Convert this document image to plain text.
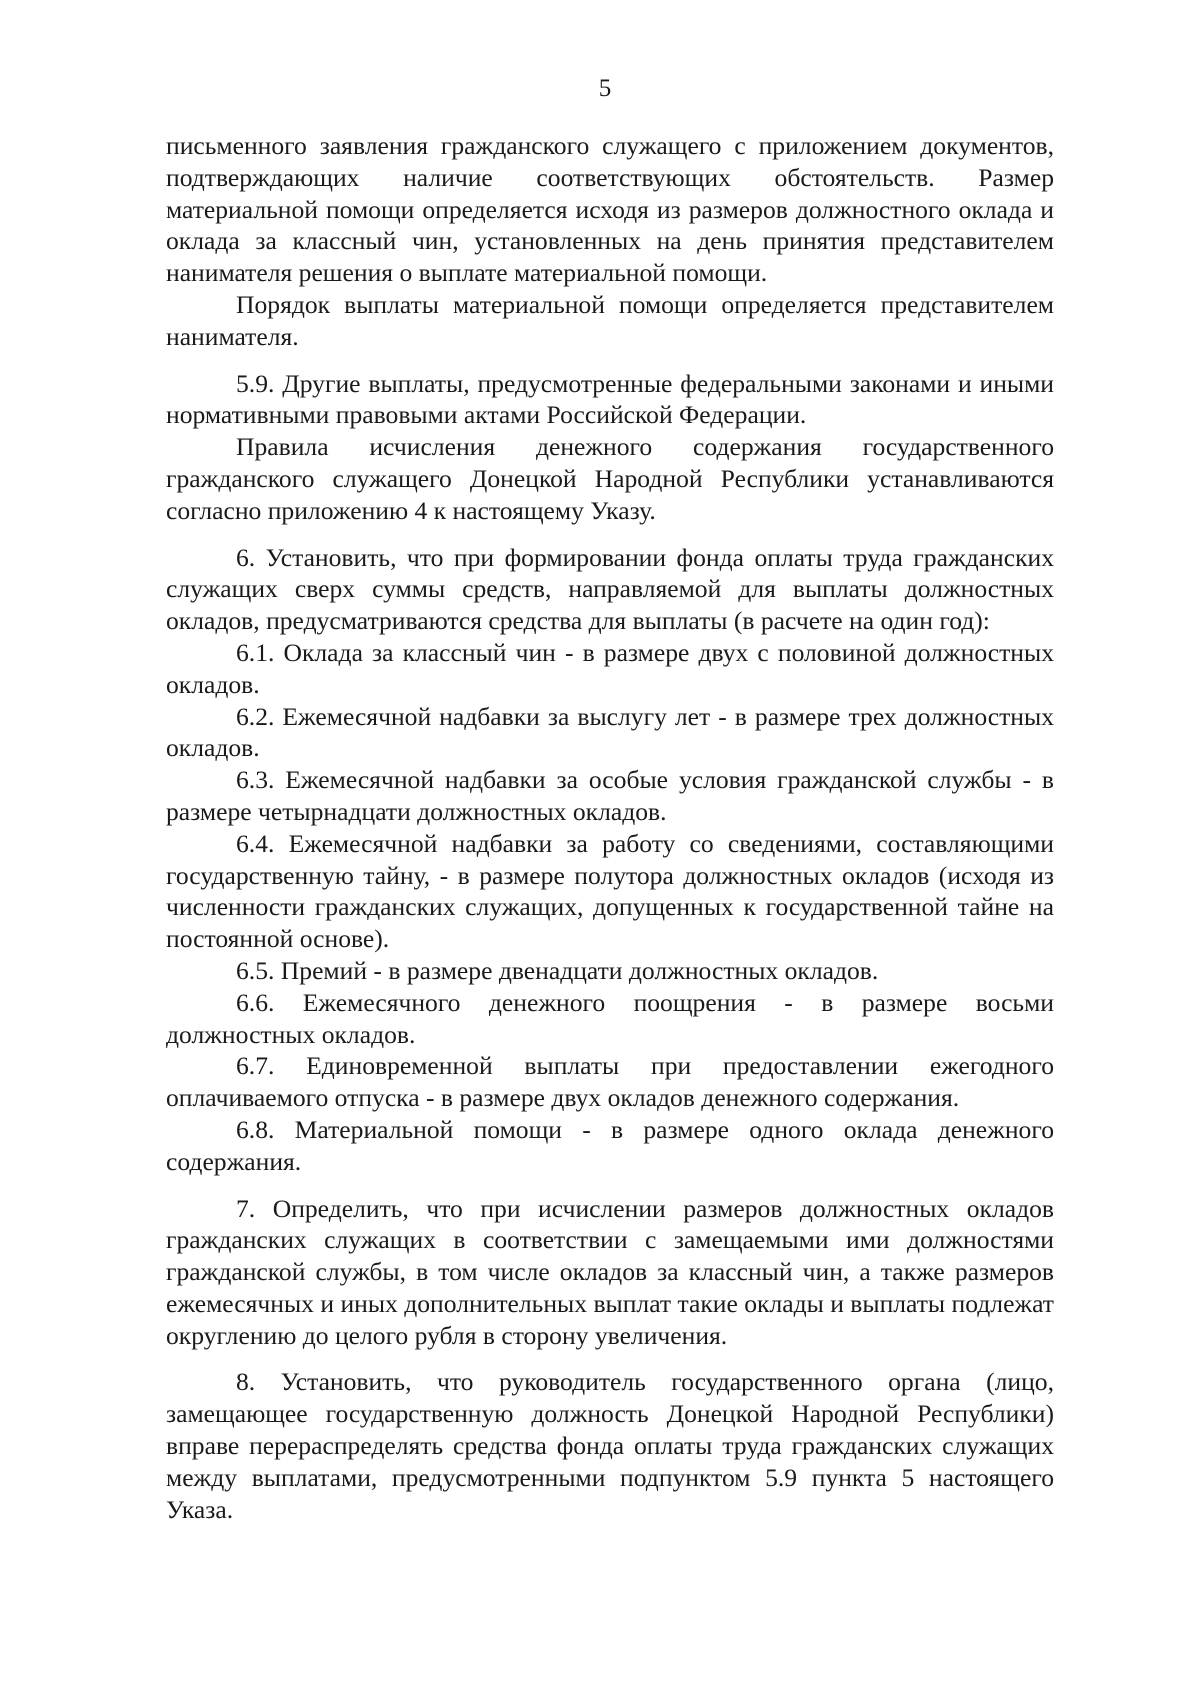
5

письменного заявления гражданского служащего с приложением документов, подтверждающих наличие соответствующих обстоятельств. Размер материальной помощи определяется исходя из размеров должностного оклада и оклада за классный чин, установленных на день принятия представителем нанимателя решения о выплате материальной помощи.

Порядок выплаты материальной помощи определяется представителем нанимателя.

5.9. Другие выплаты, предусмотренные федеральными законами и иными нормативными правовыми актами Российской Федерации.

Правила исчисления денежного содержания государственного гражданского служащего Донецкой Народной Республики устанавливаются согласно приложению 4 к настоящему Указу.

6. Установить, что при формировании фонда оплаты труда гражданских служащих сверх суммы средств, направляемой для выплаты должностных окладов, предусматриваются средства для выплаты (в расчете на один год):

6.1. Оклада за классный чин - в размере двух с половиной должностных окладов.

6.2. Ежемесячной надбавки за выслугу лет - в размере трех должностных окладов.

6.3. Ежемесячной надбавки за особые условия гражданской службы - в размере четырнадцати должностных окладов.

6.4. Ежемесячной надбавки за работу со сведениями, составляющими государственную тайну, - в размере полутора должностных окладов (исходя из численности гражданских служащих, допущенных к государственной тайне на постоянной основе).

6.5. Премий - в размере двенадцати должностных окладов.

6.6. Ежемесячного денежного поощрения - в размере восьми должностных окладов.

6.7. Единовременной выплаты при предоставлении ежегодного оплачиваемого отпуска - в размере двух окладов денежного содержания.

6.8. Материальной помощи - в размере одного оклада денежного содержания.

7. Определить, что при исчислении размеров должностных окладов гражданских служащих в соответствии с замещаемыми ими должностями гражданской службы, в том числе окладов за классный чин, а также размеров ежемесячных и иных дополнительных выплат такие оклады и выплаты подлежат округлению до целого рубля в сторону увеличения.

8. Установить, что руководитель государственного органа (лицо, замещающее государственную должность Донецкой Народной Республики) вправе перераспределять средства фонда оплаты труда гражданских служащих между выплатами, предусмотренными подпунктом 5.9 пункта 5 настоящего Указа.
